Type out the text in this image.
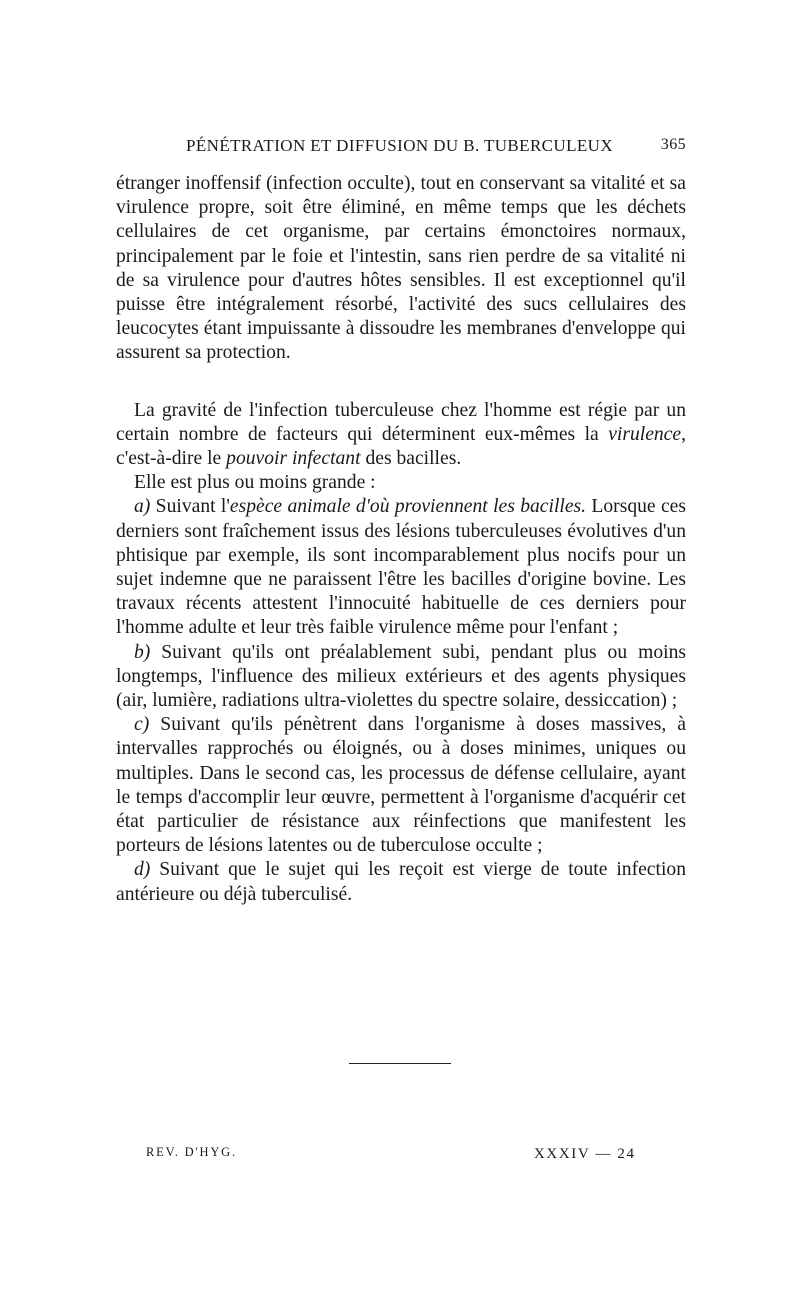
PÉNÉTRATION ET DIFFUSION DU B. TUBERCULEUX	365

étranger inoffensif (infection occulte), tout en conservant sa vitalité et sa virulence propre, soit être éliminé, en même temps que les déchets cellulaires de cet organisme, par certains émonctoires normaux, principalement par le foie et l'intestin, sans rien perdre de sa vitalité ni de sa virulence pour d'autres hôtes sensibles. Il est exceptionnel qu'il puisse être intégralement résorbé, l'activité des sucs cellulaires des leucocytes étant impuissante à dissoudre les membranes d'enveloppe qui assurent sa protection.

La gravité de l'infection tuberculeuse chez l'homme est régie par un certain nombre de facteurs qui déterminent eux-mêmes la virulence, c'est-à-dire le pouvoir infectant des bacilles.

Elle est plus ou moins grande :

a) Suivant l'espèce animale d'où proviennent les bacilles. Lorsque ces derniers sont fraîchement issus des lésions tuberculeuses évolutives d'un phtisique par exemple, ils sont incomparablement plus nocifs pour un sujet indemne que ne paraissent l'être les bacilles d'origine bovine. Les travaux récents attestent l'innocuité habituelle de ces derniers pour l'homme adulte et leur très faible virulence même pour l'enfant ;

b) Suivant qu'ils ont préalablement subi, pendant plus ou moins longtemps, l'influence des milieux extérieurs et des agents physiques (air, lumière, radiations ultra-violettes du spectre solaire, dessiccation) ;

c) Suivant qu'ils pénètrent dans l'organisme à doses massives, à intervalles rapprochés ou éloignés, ou à doses minimes, uniques ou multiples. Dans le second cas, les processus de défense cellulaire, ayant le temps d'accomplir leur œuvre, permettent à l'organisme d'acquérir cet état particulier de résistance aux réinfections que manifestent les porteurs de lésions latentes ou de tuberculose occulte ;

d) Suivant que le sujet qui les reçoit est vierge de toute infection antérieure ou déjà tuberculisé.

REV. D'HYG.	XXXIV — 24
